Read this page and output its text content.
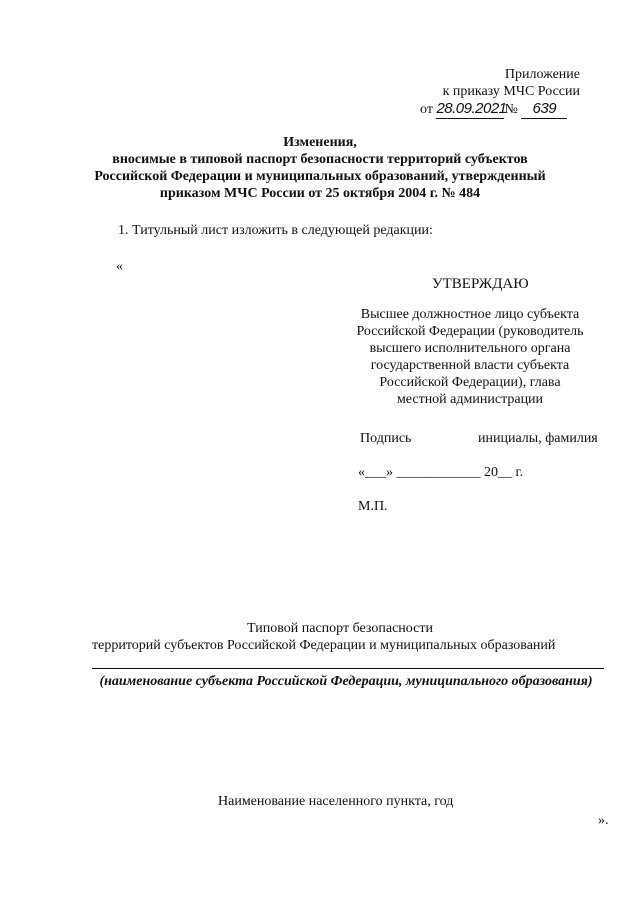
Приложение
к приказу МЧС России
от 28.09.2021№ 639
Изменения,
вносимые в типовой паспорт безопасности территорий субъектов
Российской Федерации и муниципальных образований, утвержденный
приказом МЧС России от 25 октября 2004 г. № 484
1. Титульный лист изложить в следующей редакции:
«
УТВЕРЖДАЮ
Высшее должностное лицо субъекта
Российской Федерации (руководитель
высшего исполнительного органа
государственной власти субъекта
Российской Федерации), глава
местной администрации
Подпись	инициалы, фамилия
«___» ____________ 20__ г.
М.П.
Типовой паспорт безопасности
территорий субъектов Российской Федерации и муниципальных образований
(наименование субъекта Российской Федерации, муниципального образования)
Наименование населенного пункта, год
».
